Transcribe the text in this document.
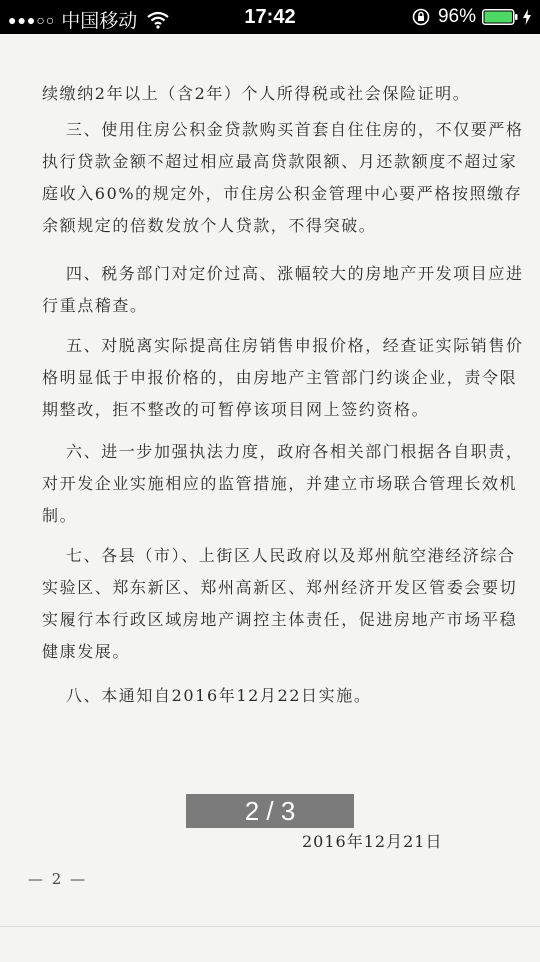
●●●○○ 中国移动	17:42	96%

续缴纳2年以上（含2年）个人所得税或社会保险证明。

三、使用住房公积金贷款购买首套自住住房的，不仅要严格执行贷款金额不超过相应最高贷款限额、月还款额度不超过家庭收入60%的规定外，市住房公积金管理中心要严格按照缴存余额规定的倍数发放个人贷款，不得突破。

四、税务部门对定价过高、涨幅较大的房地产开发项目应进行重点稽查。

五、对脱离实际提高住房销售申报价格，经查证实际销售价格明显低于申报价格的，由房地产主管部门约谈企业，责令限期整改，拒不整改的可暂停该项目网上签约资格。

六、进一步加强执法力度，政府各相关部门根据各自职责，对开发企业实施相应的监管措施，并建立市场联合管理长效机制。

七、各县（市）、上街区人民政府以及郑州航空港经济综合实验区、郑东新区、郑州高新区、郑州经济开发区管委会要切实履行本行政区域房地产调控主体责任，促进房地产市场平稳健康发展。

八、本通知自2016年12月22日实施。

2 / 3
2016年12月21日
— 2 —
